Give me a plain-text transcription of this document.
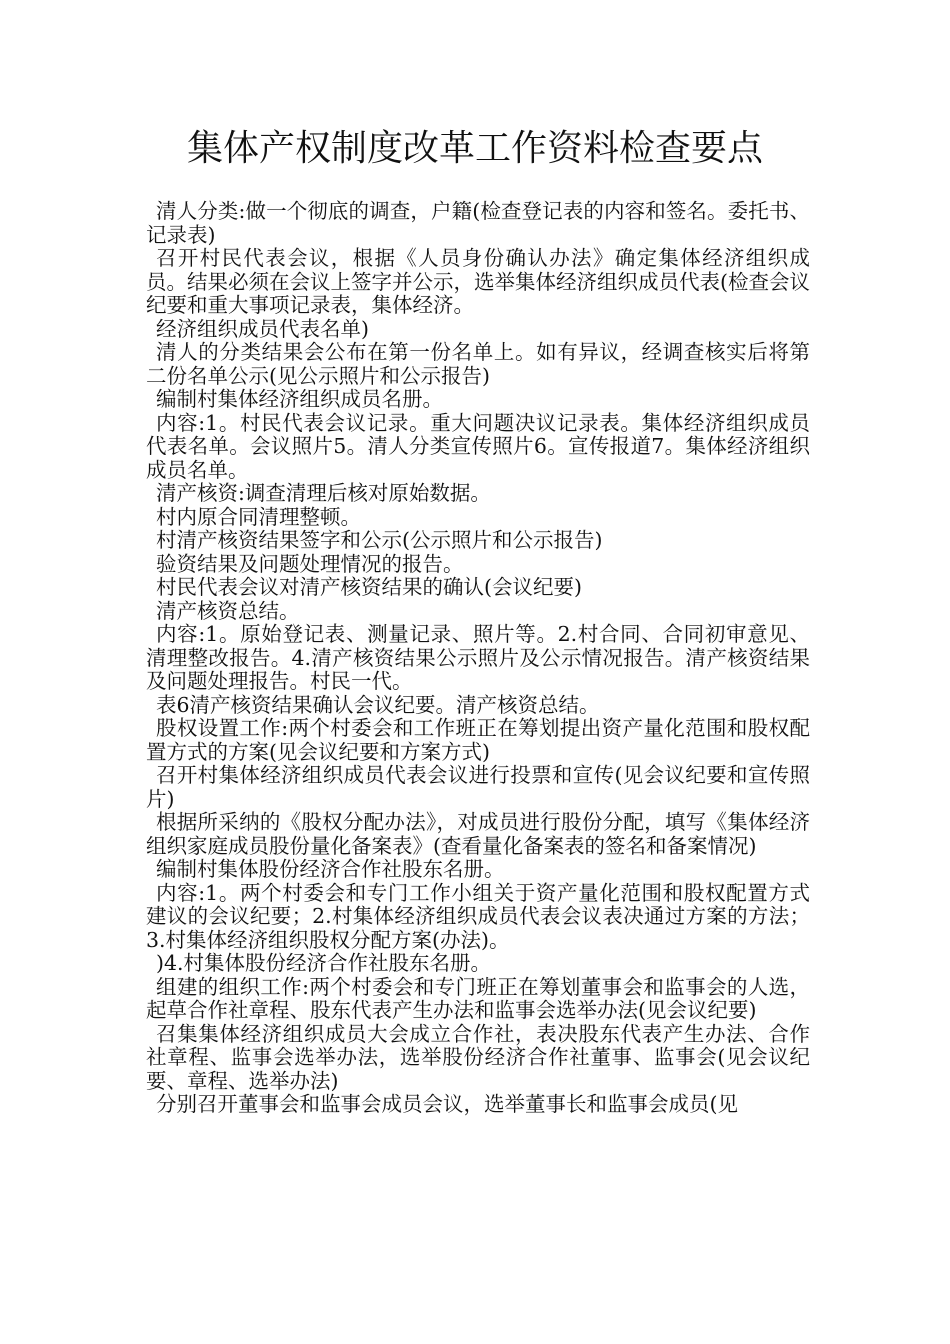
集体产权制度改革工作资料检查要点

清人分类:做一个彻底的调查，户籍(检查登记表的内容和签名。委托书、记录表)

召开村民代表会议，根据《人员身份确认办法》确定集体经济组织成员。结果必须在会议上签字并公示，选举集体经济组织成员代表(检查会议纪要和重大事项记录表，集体经济。

经济组织成员代表名单)

清人的分类结果会公布在第一份名单上。如有异议，经调查核实后将第二份名单公示(见公示照片和公示报告)

编制村集体经济组织成员名册。

内容:1。村民代表会议记录。重大问题决议记录表。集体经济组织成员代表名单。会议照片5。清人分类宣传照片6。宣传报道7。集体经济组织成员名单。

清产核资:调查清理后核对原始数据。

村内原合同清理整顿。

村清产核资结果签字和公示(公示照片和公示报告)

验资结果及问题处理情况的报告。

村民代表会议对清产核资结果的确认(会议纪要)

清产核资总结。

内容:1。原始登记表、测量记录、照片等。2.村合同、合同初审意见、清理整改报告。4.清产核资结果公示照片及公示情况报告。清产核资结果及问题处理报告。村民一代。

表6清产核资结果确认会议纪要。清产核资总结。

股权设置工作:两个村委会和工作班正在筹划提出资产量化范围和股权配置方式的方案(见会议纪要和方案方式)

召开村集体经济组织成员代表会议进行投票和宣传(见会议纪要和宣传照片)

根据所采纳的《股权分配办法》，对成员进行股份分配，填写《集体经济组织家庭成员股份量化备案表》(查看量化备案表的签名和备案情况)

编制村集体股份经济合作社股东名册。

内容:1。两个村委会和专门工作小组关于资产量化范围和股权配置方式建议的会议纪要；2.村集体经济组织成员代表会议表决通过方案的方法；3.村集体经济组织股权分配方案(办法)。

)4.村集体股份经济合作社股东名册。

组建的组织工作:两个村委会和专门班正在筹划董事会和监事会的人选，起草合作社章程、股东代表产生办法和监事会选举办法(见会议纪要)

召集集体经济组织成员大会成立合作社，表决股东代表产生办法、合作社章程、监事会选举办法，选举股份经济合作社董事、监事会(见会议纪要、章程、选举办法)

分别召开董事会和监事会成员会议，选举董事长和监事会成员(见
